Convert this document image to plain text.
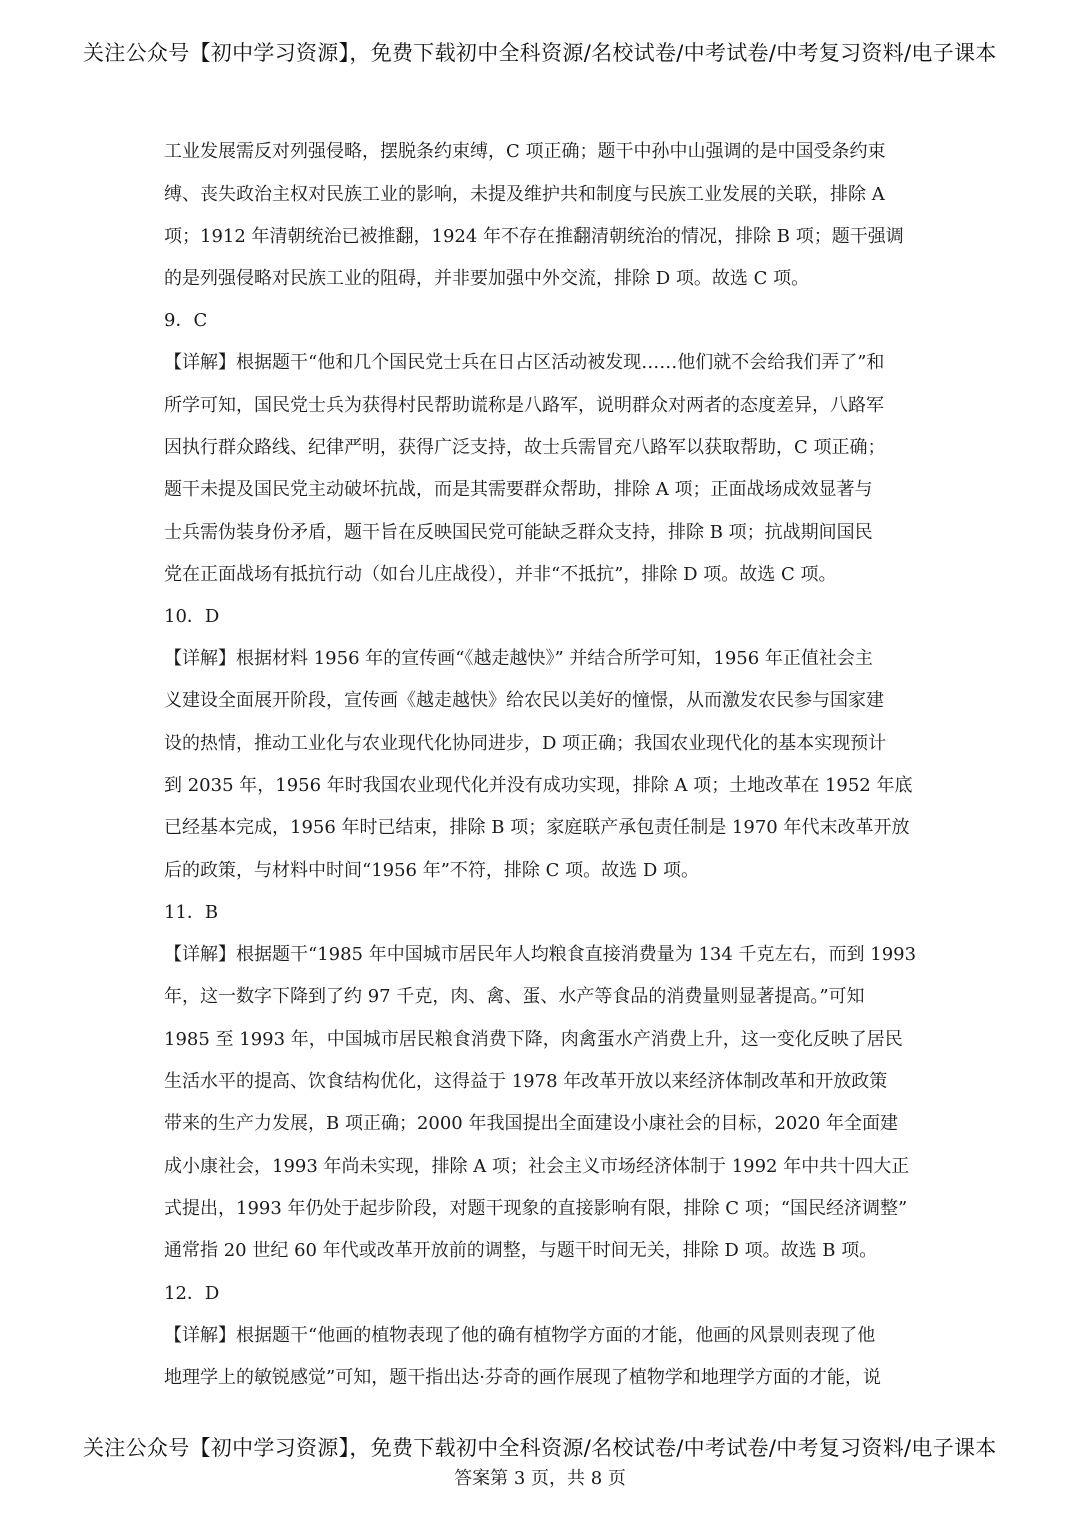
关注公众号【初中学习资源】，免费下载初中全科资源/名校试卷/中考试卷/中考复习资料/电子课本
工业发展需反对列强侵略，摆脱条约束缚，C 项正确；题干中孙中山强调的是中国受条约束
缚、丧失政治主权对民族工业的影响，未提及维护共和制度与民族工业发展的关联，排除 A
项；1912 年清朝统治已被推翻，1924 年不存在推翻清朝统治的情况，排除 B 项；题干强调
的是列强侵略对民族工业的阻碍，并非要加强中外交流，排除 D 项。故选 C 项。
9．C
【详解】根据题干“他和几个国民党士兵在日占区活动被发现……他们就不会给我们弄了”和
所学可知，国民党士兵为获得村民帮助谎称是八路军，说明群众对两者的态度差异，八路军
因执行群众路线、纪律严明，获得广泛支持，故士兵需冒充八路军以获取帮助，C 项正确；
题干未提及国民党主动破坏抗战，而是其需要群众帮助，排除 A 项；正面战场成效显著与
士兵需伪装身份矛盾，题干旨在反映国民党可能缺乏群众支持，排除 B 项；抗战期间国民
党在正面战场有抵抗行动（如台儿庄战役），并非“不抵抗”，排除 D 项。故选 C 项。
10．D
【详解】根据材料 1956 年的宣传画“《越走越快》” 并结合所学可知，1956 年正值社会主
义建设全面展开阶段，宣传画《越走越快》给农民以美好的憧憬，从而激发农民参与国家建
设的热情，推动工业化与农业现代化协同进步，D 项正确；我国农业现代化的基本实现预计
到 2035 年，1956 年时我国农业现代化并没有成功实现，排除 A 项；土地改革在 1952 年底
已经基本完成，1956 年时已结束，排除 B 项；家庭联产承包责任制是 1970 年代末改革开放
后的政策，与材料中时间“1956 年”不符，排除 C 项。故选 D 项。
11．B
【详解】根据题干“1985 年中国城市居民年人均粮食直接消费量为 134 千克左右，而到 1993
年，这一数字下降到了约 97 千克，肉、禽、蛋、水产等食品的消费量则显著提高。”可知
1985 至 1993 年，中国城市居民粮食消费下降，肉禽蛋水产消费上升，这一变化反映了居民
生活水平的提高、饮食结构优化，这得益于 1978 年改革开放以来经济体制改革和开放政策
带来的生产力发展，B 项正确；2000 年我国提出全面建设小康社会的目标，2020 年全面建
成小康社会，1993 年尚未实现，排除 A 项；社会主义市场经济体制于 1992 年中共十四大正
式提出，1993 年仍处于起步阶段，对题干现象的直接影响有限，排除 C 项；“国民经济调整”
通常指 20 世纪 60 年代或改革开放前的调整，与题干时间无关，排除 D 项。故选 B 项。
12．D
【详解】根据题干“他画的植物表现了他的确有植物学方面的才能，他画的风景则表现了他
地理学上的敏锐感觉”可知，题干指出达·芬奇的画作展现了植物学和地理学方面的才能，说
关注公众号【初中学习资源】，免费下载初中全科资源/名校试卷/中考试卷/中考复习资料/电子课本
答案第 3 页，共 8 页
